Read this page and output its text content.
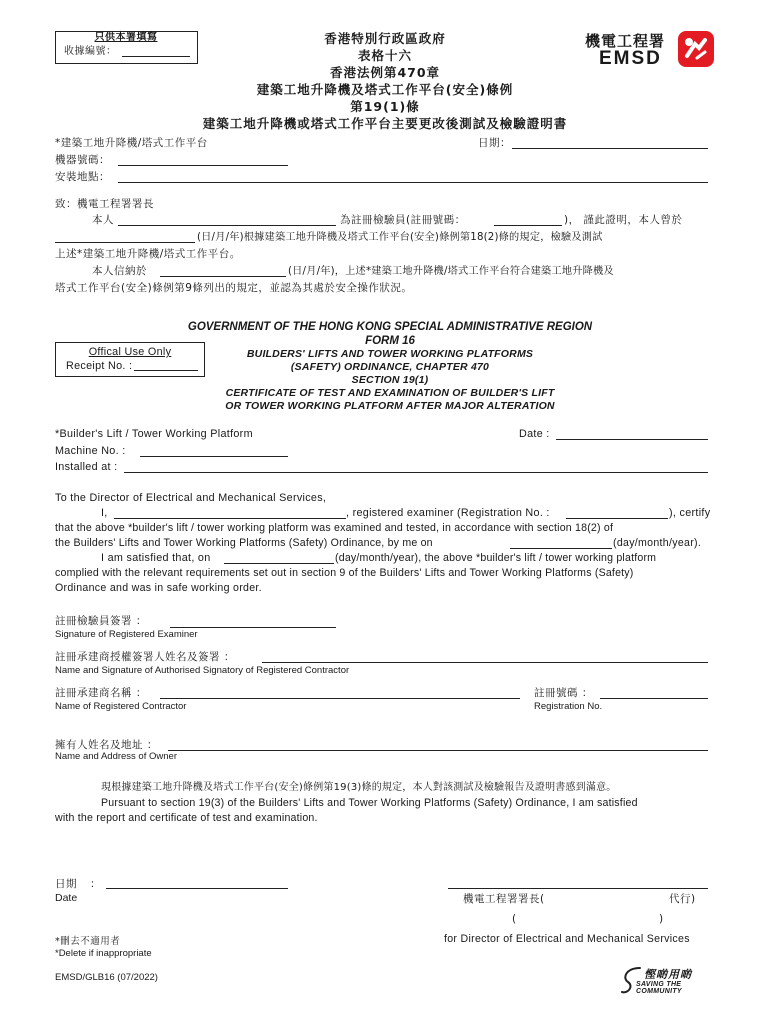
只供本署填寫
收據編號：
香港特別行政區政府
表格十六
香港法例第470章
建築工地升降機及塔式工作平台(安全)條例
第19(1)條
建築工地升降機或塔式工作平台主要更改後測試及檢驗證明書
機電工程署
EMSD
*建築工地升降機/塔式工作平台	日期：
機器號碼：
安裝地點：
致：機電工程署署長
本人	為註冊檢驗員(註冊號碼：	)， 謹此證明，本人曾於
(日/月/年)根據建築工地升降機及塔式工作平台(安全)條例第18(2)條的規定，檢驗及測試
上述*建築工地升降機/塔式工作平台。
本人信納於	(日/月/年)，上述*建築工地升降機/塔式工作平台符合建築工地升降機及
塔式工作平台(安全)條例第9條列出的規定，並認為其處於安全操作狀況。
GOVERNMENT OF THE HONG KONG SPECIAL ADMINISTRATIVE REGION
FORM 16
BUILDERS' LIFTS AND TOWER WORKING PLATFORMS
(SAFETY) ORDINANCE, CHAPTER 470
SECTION 19(1)
CERTIFICATE OF TEST AND EXAMINATION OF BUILDER'S LIFT
OR TOWER WORKING PLATFORM AFTER MAJOR ALTERATION
Offical Use Only
Receipt No. :
*Builder's Lift / Tower Working Platform	Date :
Machine No. :
Installed at :
To the Director of Electrical and Mechanical Services,
I,	, registered examiner (Registration No. :	), certify
that the above *builder's lift / tower working platform was examined and tested, in accordance with section 18(2) of
the Builders' Lifts and Tower Working Platforms (Safety) Ordinance, by me on	(day/month/year).
I am satisfied that, on	(day/month/year), the above *builder's lift / tower working platform
complied with the relevant requirements set out in section 9 of the Builders' Lifts and Tower Working Platforms (Safety)
Ordinance and was in safe working order.
註冊檢驗員簽署 ：
Signature of Registered Examiner
註冊承建商授權簽署人姓名及簽署 ：
Name and Signature of Authorised Signatory of Registered Contractor
註冊承建商名稱 ：
Name of Registered Contractor
註冊號碼 ：
Registration No.
擁有人姓名及地址 ：
Name and Address of Owner
現根據建築工地升降機及塔式工作平台(安全)條例第19(3)條的規定，本人對該測試及檢驗報告及證明書感到滿意。
Pursuant to section 19(3) of the Builders' Lifts and Tower Working Platforms (Safety) Ordinance, I am satisfied
with the report and certificate of test and examination.
日期 ：
Date	機電工程署署長(	代行)
(	)
for Director of Electrical and Mechanical Services
*刪去不適用者
*Delete if inappropriate
EMSD/GLB16 (07/2022)	慳啲用啲
SAVING THE COMMUNITY
